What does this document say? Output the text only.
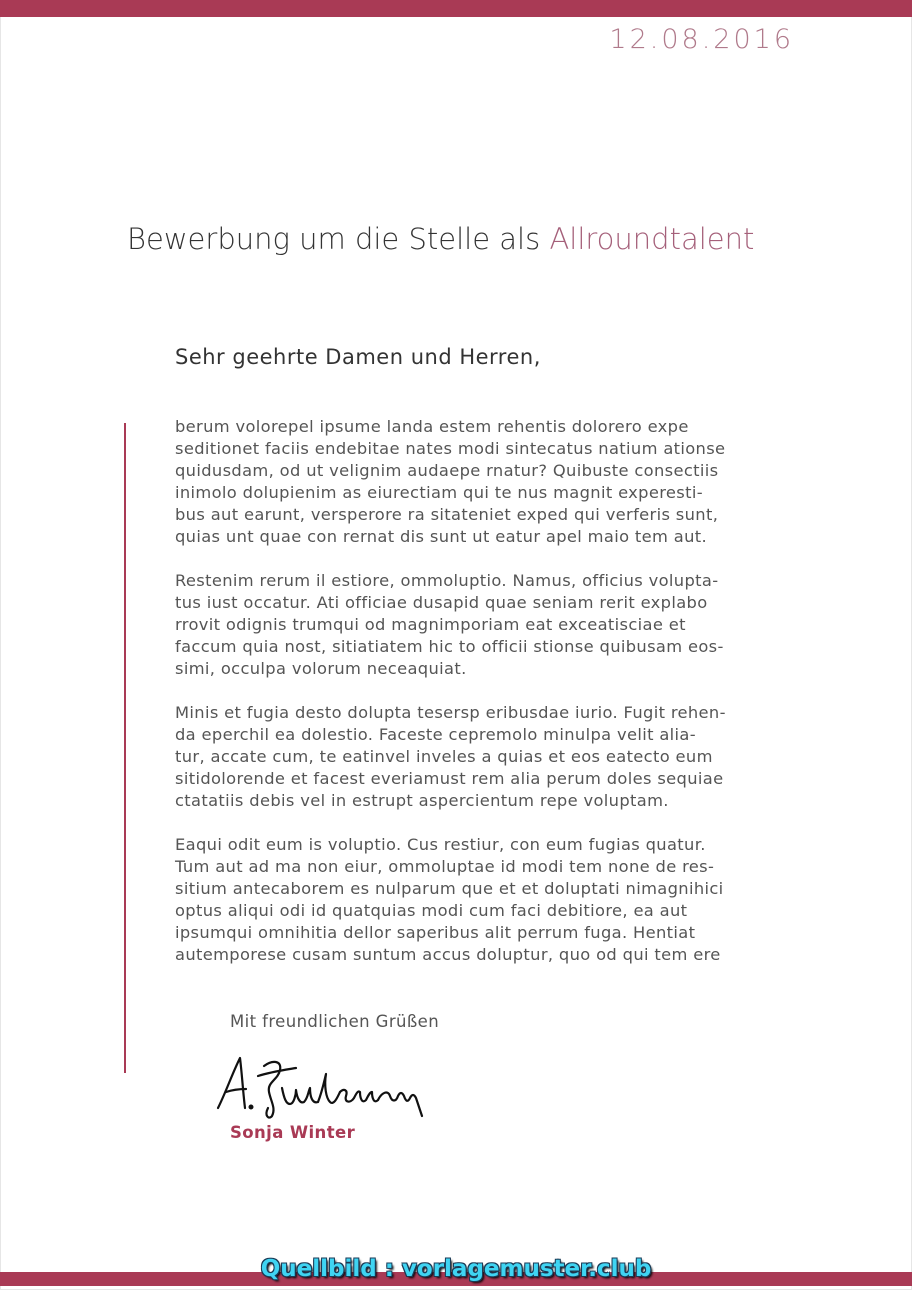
12.08.2016
Bewerbung um die Stelle als Allroundtalent
Sehr geehrte Damen und Herren,
berum volorepel ipsume landa estem rehentis dolorero expe
seditionet faciis endebitae nates modi sintecatus natium ationse
quidusdam, od ut velignim audaepe rnatur? Quibuste consectiis
inimolo dolupienim as eiurectiam qui te nus magnit experesti-
bus aut earunt, versperore ra sitateniet exped qui verferis sunt,
quias unt quae con rernat dis sunt ut eatur apel maio tem aut.
Restenim rerum il estiore, ommoluptio. Namus, officius volupta-
tus iust occatur. Ati officiae dusapid quae seniam rerit explabo
rrovit odignis trumqui od magnimporiam eat exceatisciae et
faccum quia nost, sitiatiatem hic to officii stionse quibusam eos-
simi, occulpa volorum neceaquiat.
Minis et fugia desto dolupta tesersp eribusdae iurio. Fugit rehen-
da eperchil ea dolestio. Faceste cepremolo minulpa velit alia-
tur, accate cum, te eatinvel inveles a quias et eos eatecto eum
sitidolorende et facest everiamust rem alia perum doles sequiae
ctatatiis debis vel in estrupt aspercientum repe voluptam.
Eaqui odit eum is voluptio. Cus restiur, con eum fugias quatur.
Tum aut ad ma non eiur, ommoluptae id modi tem none de res-
sitium antecaborem es nulparum que et et doluptati nimagnihici
optus aliqui odi id quatquias modi cum faci debitiore, ea aut
ipsumqui omnihitia dellor saperibus alit perrum fuga. Hentiat
autemporese cusam suntum accus doluptur, quo od qui tem ere
Mit freundlichen Grüßen
Sonja Winter
Quellbild : vorlagemuster.club
